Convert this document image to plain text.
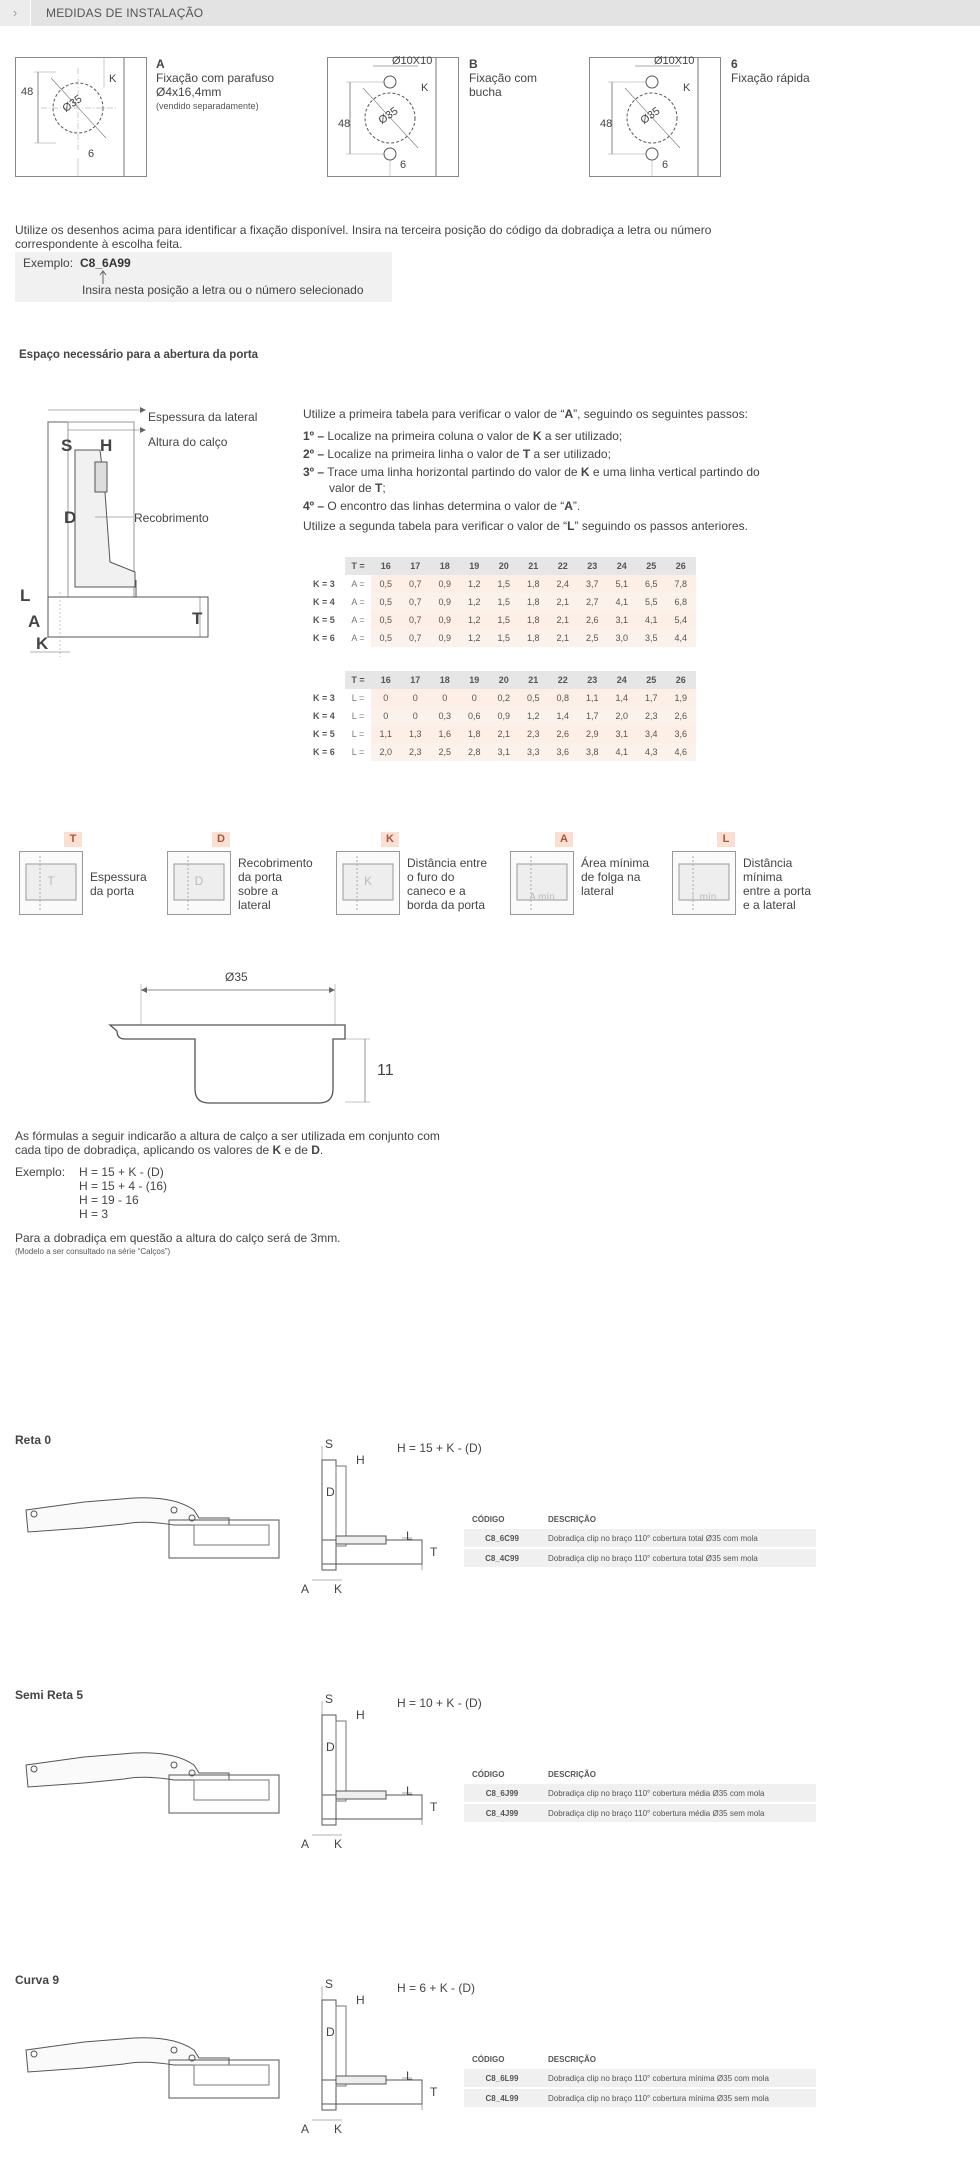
›	MEDIDAS DE INSTALAÇÃO
48
Ø35
K
6
A
Fixação com parafuso
Ø4x16,4mm
(vendido separadamente)
Ø10X10
48 Ø35
K
6
B
Fixação com
bucha
Ø10X10
48 Ø35
K
6
6
Fixação rápida

Utilize os desenhos acima para identificar a fixação disponível. Insira na terceira posição do código da dobradiça a letra ou número
correspondente à escolha feita.

Exemplo: C8_6A99
Insira nesta posição a letra ou o número selecionado
Espaço necessário para a abertura da porta
Espessura da lateral
Altura do calço
Recobrimento
S H
D
L
A
K
T
Utilize a primeira tabela para verificar o valor de “A”, seguindo os seguintes passos:
1º – Localize na primeira coluna o valor de K a ser utilizado;
2º – Localize na primeira linha o valor de T a ser utilizado;
3º – Trace uma linha horizontal partindo do valor de K e uma linha vertical partindo do
valor de T;
4º – O encontro das linhas determina o valor de “A”.
Utilize a segunda tabela para verificar o valor de “L” seguindo os passos anteriores.
	T =	16	17	18	19	20	21	22	23	24	25	26
K = 3	A =	0,5	0,7	0,9	1,2	1,5	1,8	2,4	3,7	5,1	6,5	7,8
K = 4	A =	0,5	0,7	0,9	1,2	1,5	1,8	2,1	2,7	4,1	5,5	6,8
K = 5	A =	0,5	0,7	0,9	1,2	1,5	1,8	2,1	2,6	3,1	4,1	5,4
K = 6	A =	0,5	0,7	0,9	1,2	1,5	1,8	2,1	2,5	3,0	3,5	4,4
	T =	16	17	18	19	20	21	22	23	24	25	26
K = 3	L =	0	0	0	0	0,2	0,5	0,8	1,1	1,4	1,7	1,9
K = 4	L =	0	0	0,3	0,6	0,9	1,2	1,4	1,7	2,0	2,3	2,6
K = 5	L =	1,1	1,3	1,6	1,8	2,1	2,3	2,6	2,9	3,1	3,4	3,6
K = 6	L =	2,0	2,3	2,5	2,8	3,1	3,3	3,6	3,8	4,1	4,3	4,6
T
T	Espessura
da porta
D
D
Recobrimento
da porta
sobre a
lateral
K
K
Distância entre
o furo do
caneco e a
borda da porta
A
A mín
Área mínima
de folga na
lateral
L
L mín
Distância
mínima
entre a porta
e a lateral
Ø35
11
As fórmulas a seguir indicarão a altura de calço a ser utilizada em conjunto com
cada tipo de dobradiça, aplicando os valores de K e de D.
Exemplo: H = 15 + K - (D)
H = 15 + 4 - (16)
H = 19 - 16
H = 3
Para a dobradiça em questão a altura do calço será de 3mm.
(Modelo a ser consultado na série “Calços”)
Reta 0	S
H
D
L
T
A K
H = 15 + K - (D)
CÓDIGO	DESCRIÇÃO
C8_6C99	Dobradiça clip no braço 110° cobertura total Ø35 com mola
C8_4C99	Dobradiça clip no braço 110° cobertura total Ø35 sem mola
Semi Reta 5	S
H
D
L
T
A K
H = 10 + K - (D)
CÓDIGO	DESCRIÇÃO
C8_6J99	Dobradiça clip no braço 110° cobertura média Ø35 com mola
C8_4J99	Dobradiça clip no braço 110° cobertura média Ø35 sem mola
Curva 9	S
H
D
L
T
A K
H = 6 + K - (D)
CÓDIGO	DESCRIÇÃO
C8_6L99	Dobradiça clip no braço 110° cobertura mínima Ø35 com mola
C8_4L99	Dobradiça clip no braço 110° cobertura mínima Ø35 sem mola
